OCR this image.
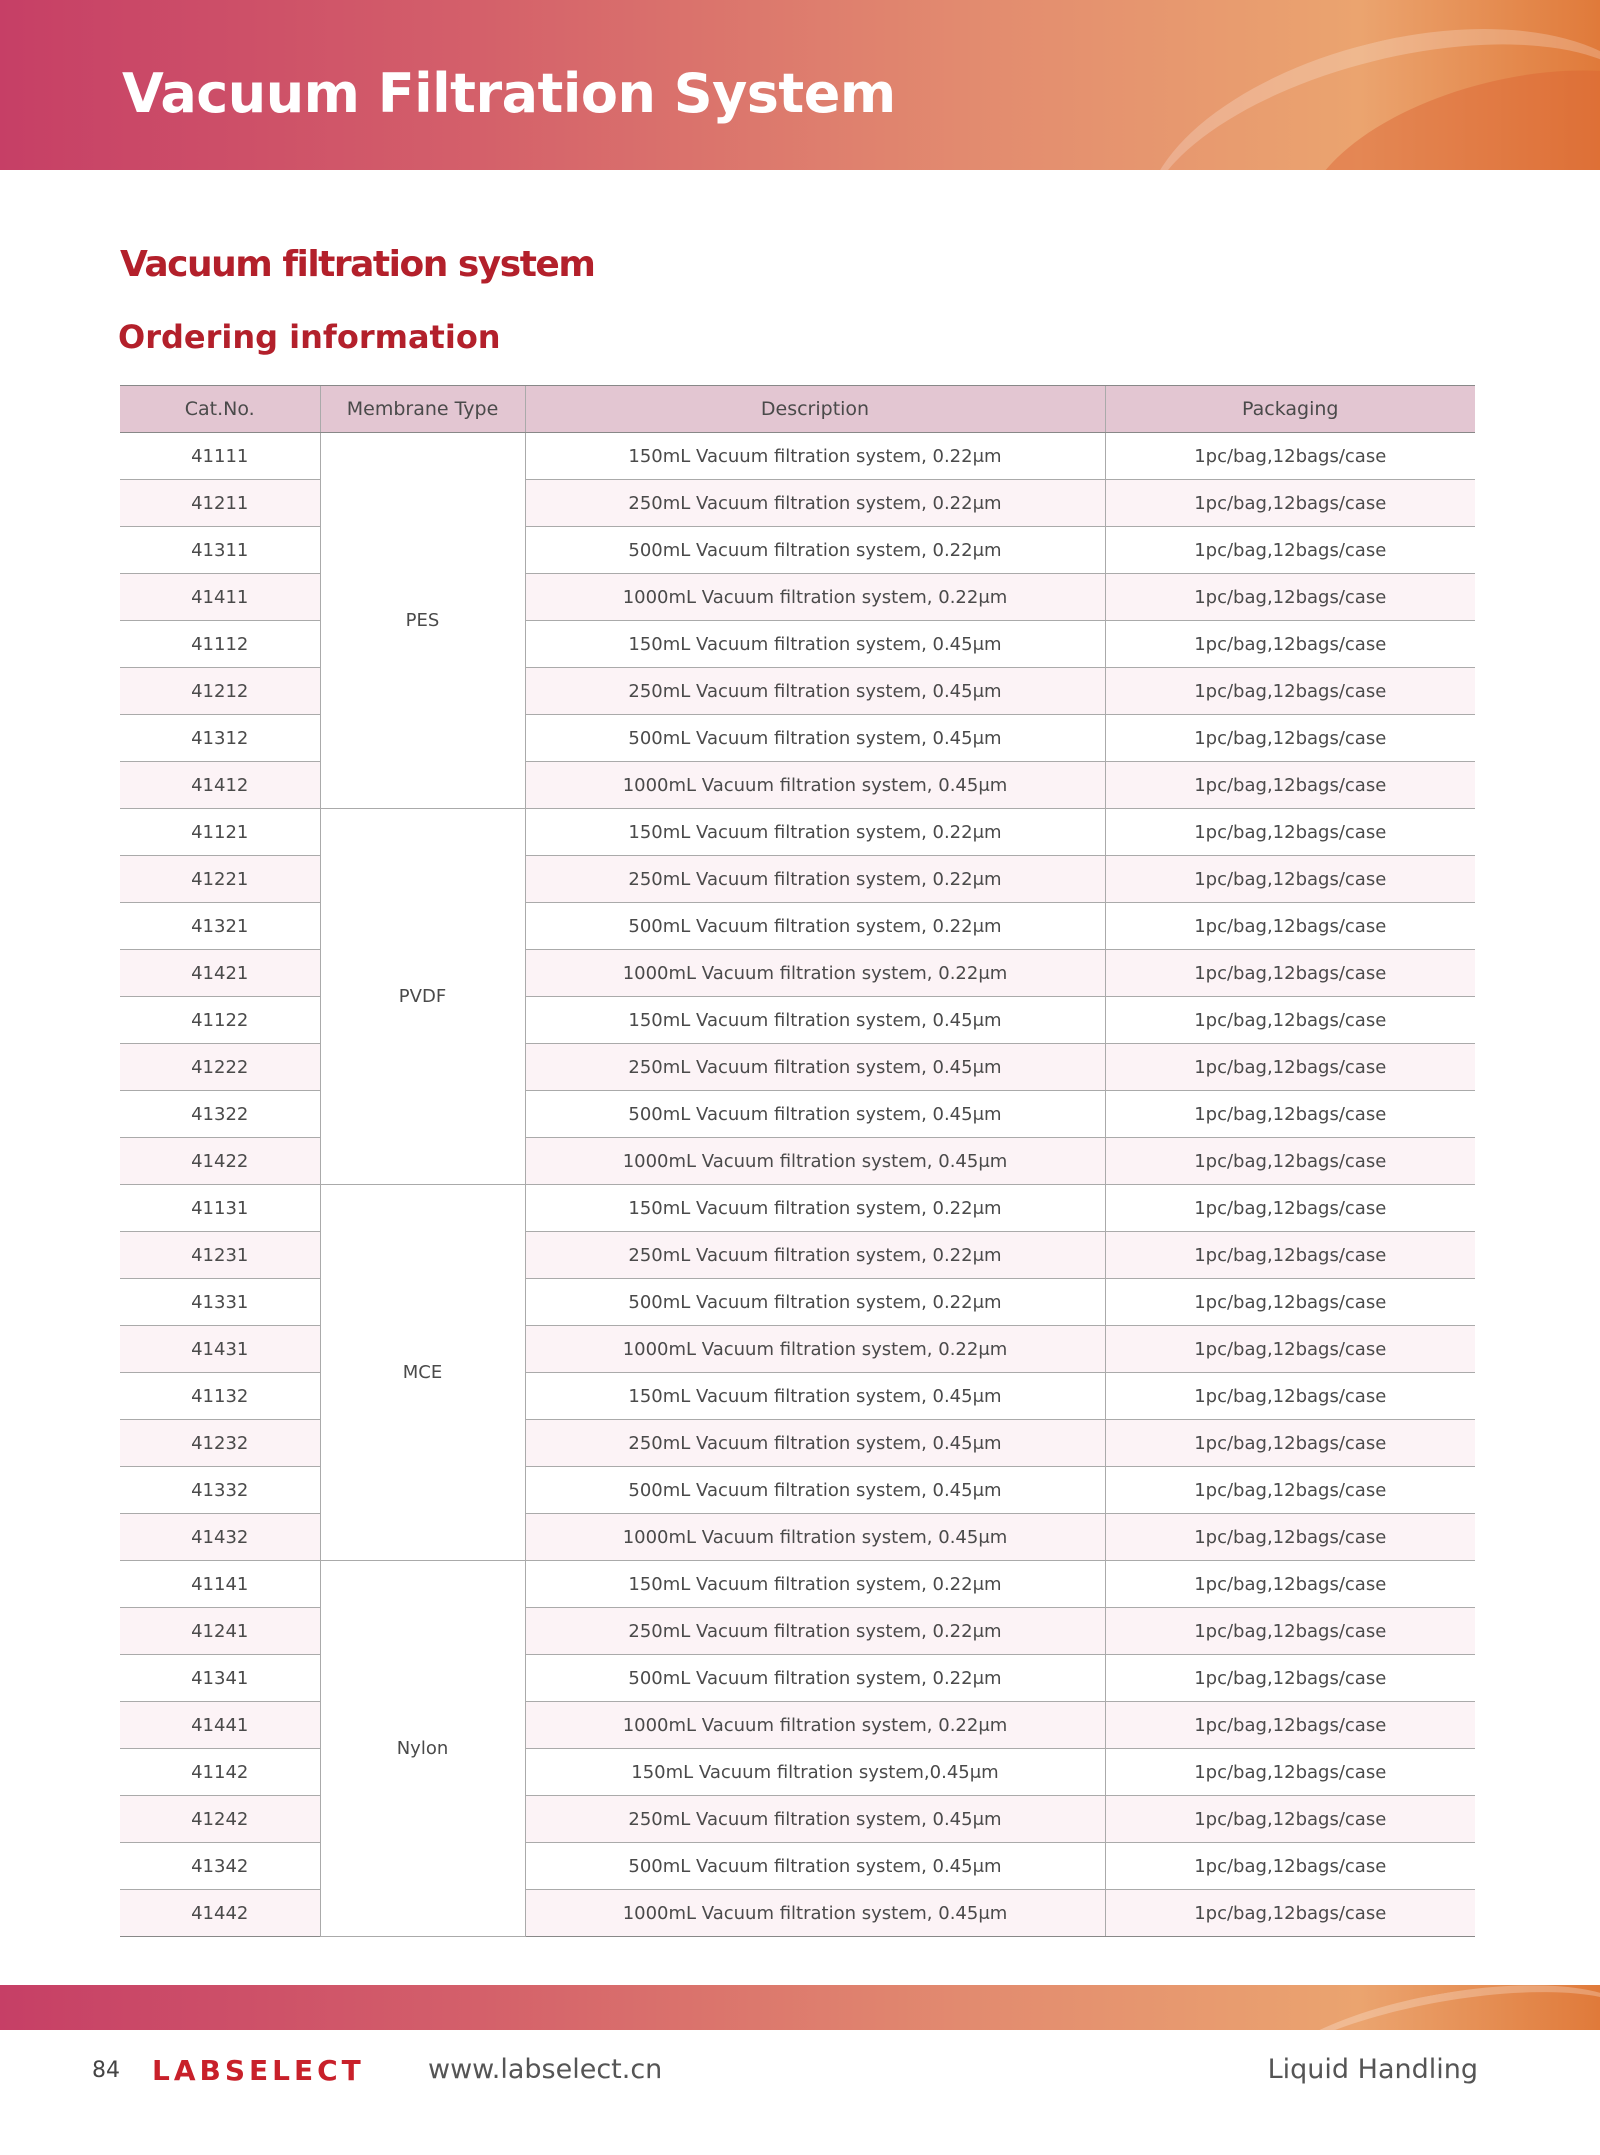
Vacuum Filtration System
Vacuum filtration system
Ordering information
Cat.No.	Membrane Type	Description	Packaging
41111	PES	150mL Vacuum filtration system, 0.22μm	1pc/bag,12bags/case
41211		250mL Vacuum filtration system, 0.22μm	1pc/bag,12bags/case
41311		500mL Vacuum filtration system, 0.22μm	1pc/bag,12bags/case
41411		1000mL Vacuum filtration system, 0.22μm	1pc/bag,12bags/case
41112		150mL Vacuum filtration system, 0.45μm	1pc/bag,12bags/case
41212		250mL Vacuum filtration system, 0.45μm	1pc/bag,12bags/case
41312		500mL Vacuum filtration system, 0.45μm	1pc/bag,12bags/case
41412		1000mL Vacuum filtration system, 0.45μm	1pc/bag,12bags/case
41121	PVDF	150mL Vacuum filtration system, 0.22μm	1pc/bag,12bags/case
41221		250mL Vacuum filtration system, 0.22μm	1pc/bag,12bags/case
41321		500mL Vacuum filtration system, 0.22μm	1pc/bag,12bags/case
41421		1000mL Vacuum filtration system, 0.22μm	1pc/bag,12bags/case
41122		150mL Vacuum filtration system, 0.45μm	1pc/bag,12bags/case
41222		250mL Vacuum filtration system, 0.45μm	1pc/bag,12bags/case
41322		500mL Vacuum filtration system, 0.45μm	1pc/bag,12bags/case
41422		1000mL Vacuum filtration system, 0.45μm	1pc/bag,12bags/case
41131	MCE	150mL Vacuum filtration system, 0.22μm	1pc/bag,12bags/case
41231		250mL Vacuum filtration system, 0.22μm	1pc/bag,12bags/case
41331		500mL Vacuum filtration system, 0.22μm	1pc/bag,12bags/case
41431		1000mL Vacuum filtration system, 0.22μm	1pc/bag,12bags/case
41132		150mL Vacuum filtration system, 0.45μm	1pc/bag,12bags/case
41232		250mL Vacuum filtration system, 0.45μm	1pc/bag,12bags/case
41332		500mL Vacuum filtration system, 0.45μm	1pc/bag,12bags/case
41432		1000mL Vacuum filtration system, 0.45μm	1pc/bag,12bags/case
41141	Nylon	150mL Vacuum filtration system, 0.22μm	1pc/bag,12bags/case
41241		250mL Vacuum filtration system, 0.22μm	1pc/bag,12bags/case
41341		500mL Vacuum filtration system, 0.22μm	1pc/bag,12bags/case
41441		1000mL Vacuum filtration system, 0.22μm	1pc/bag,12bags/case
41142		150mL Vacuum filtration system,0.45μm	1pc/bag,12bags/case
41242		250mL Vacuum filtration system, 0.45μm	1pc/bag,12bags/case
41342		500mL Vacuum filtration system, 0.45μm	1pc/bag,12bags/case
41442		1000mL Vacuum filtration system, 0.45μm	1pc/bag,12bags/case
84 LABSELECT www.labselect.cn	Liquid Handling
